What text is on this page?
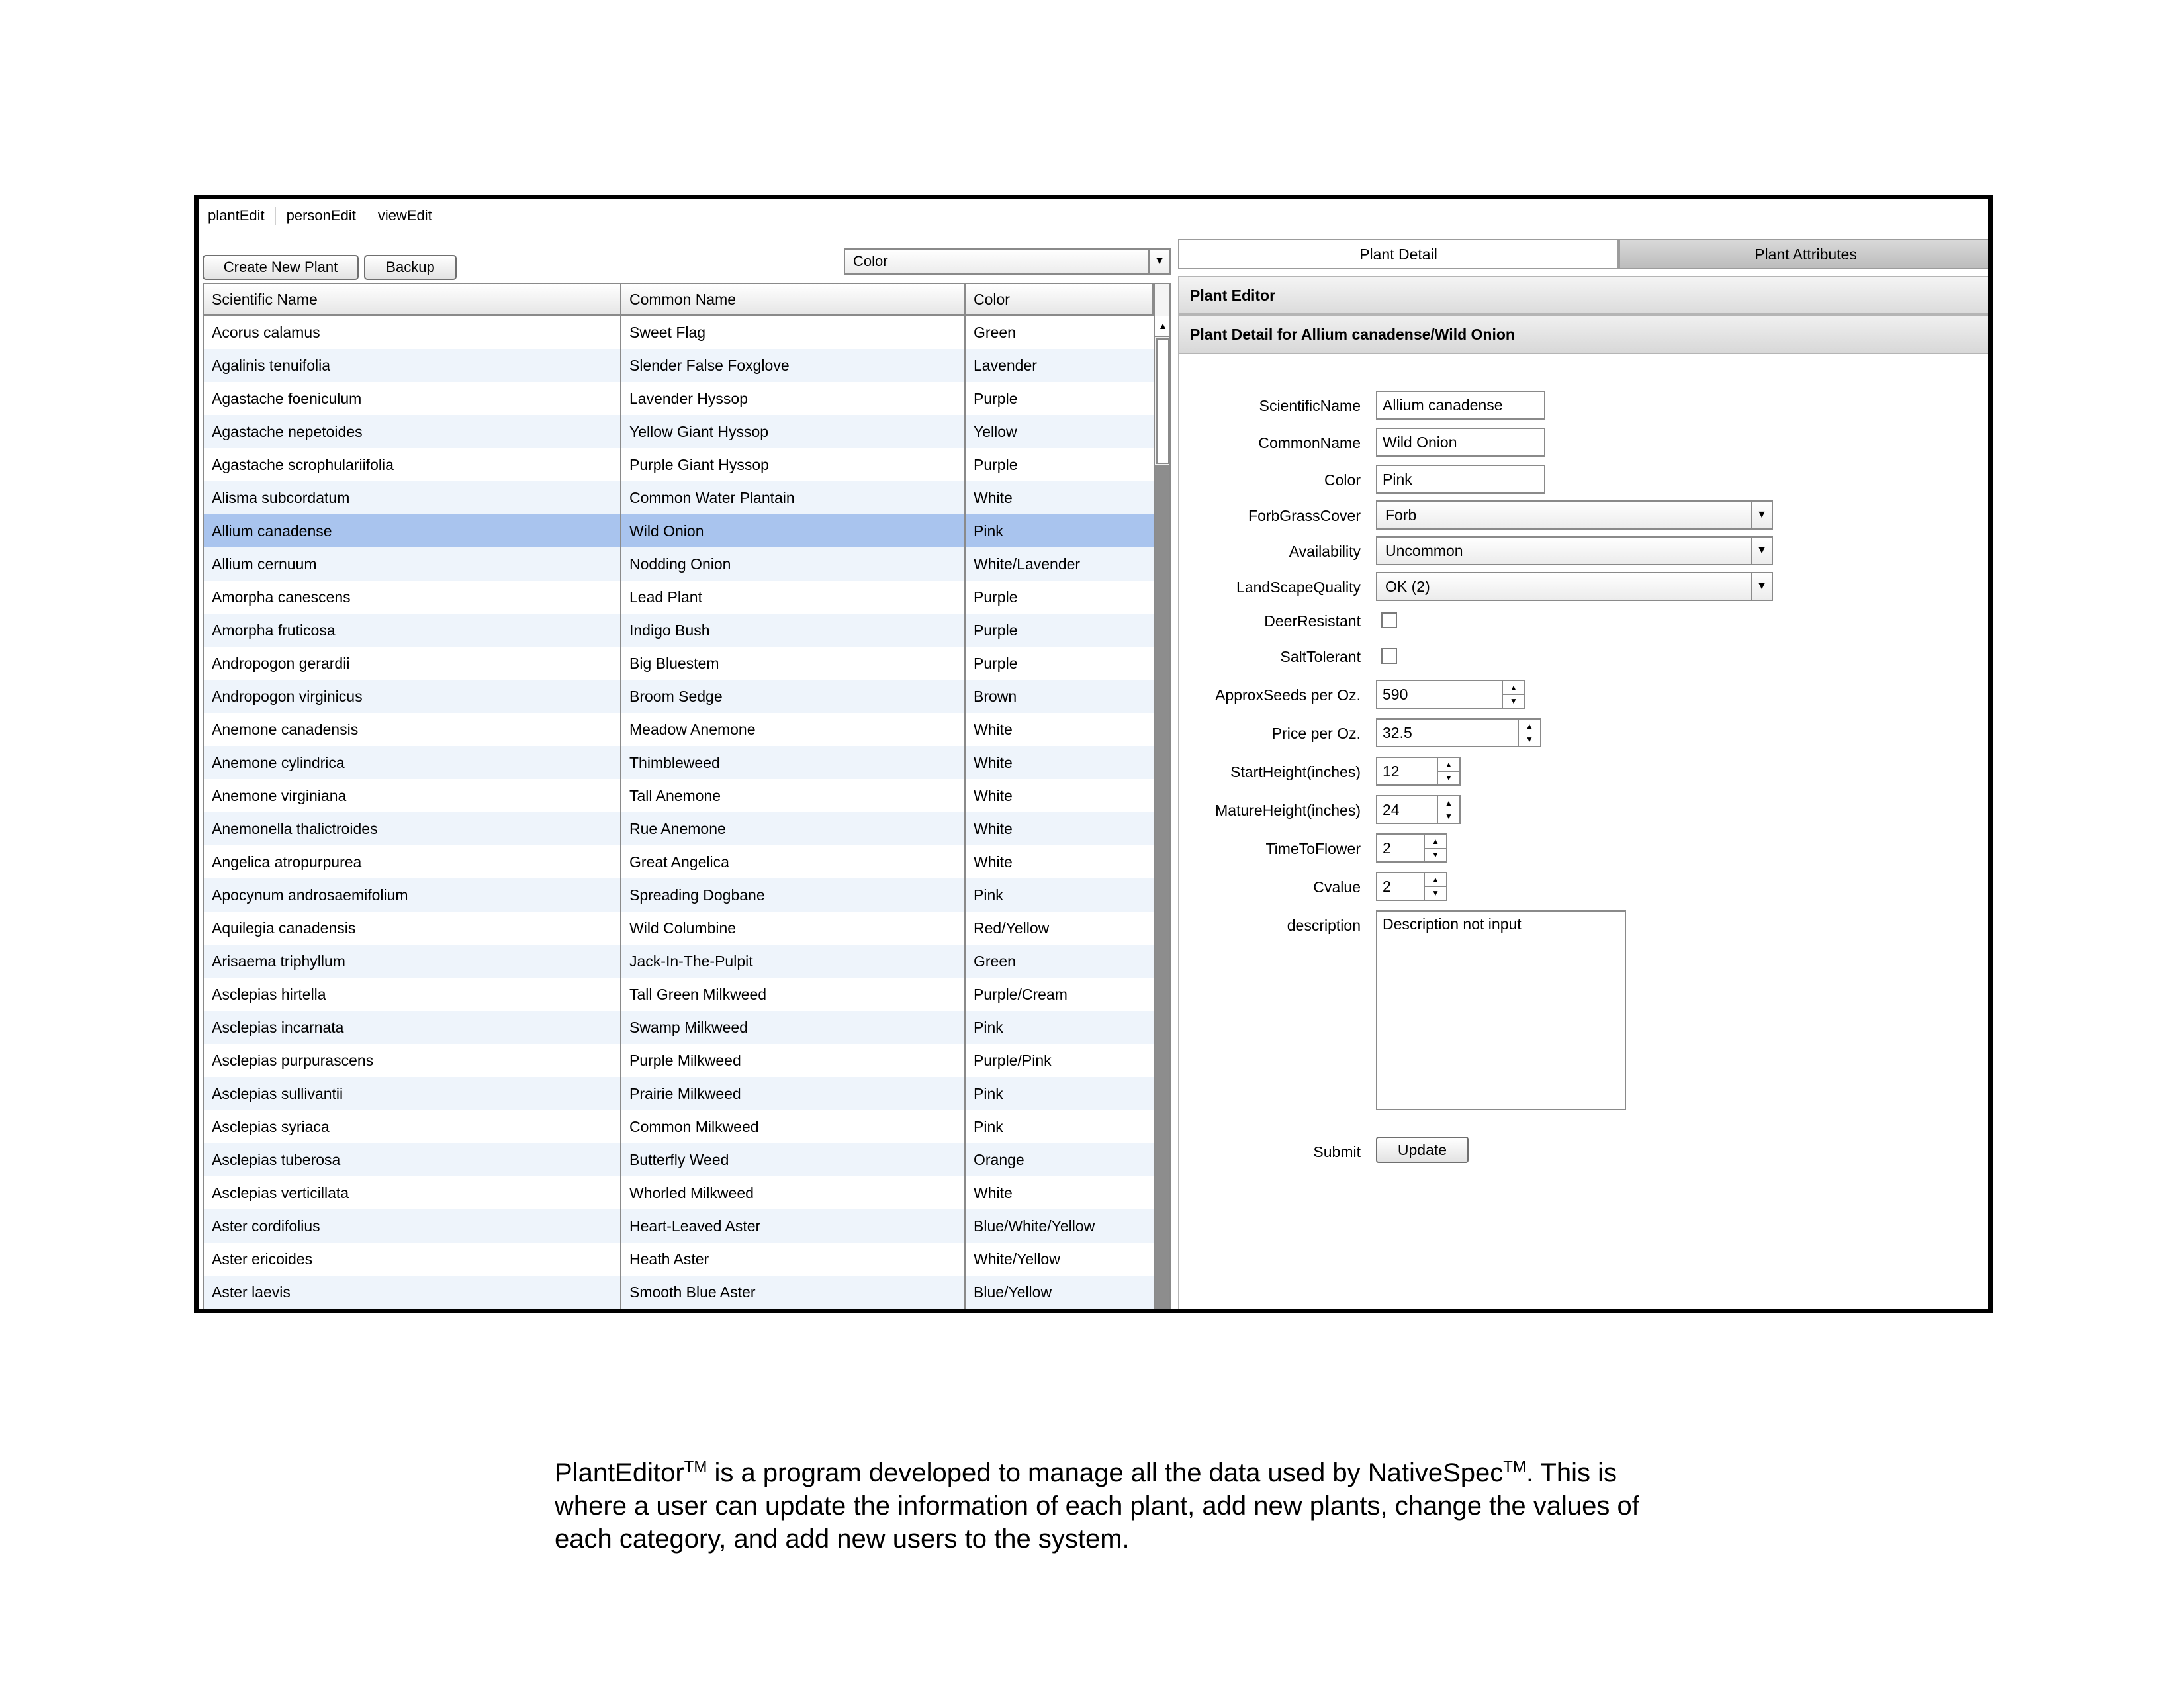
plantEdit	personEdit	viewEdit
Create New Plant	Backup	Color	▼
Scientific Name	Common Name	Color
Acorus calamus	Sweet Flag	Green
Agalinis tenuifolia	Slender False Foxglove	Lavender
Agastache foeniculum	Lavender Hyssop	Purple
Agastache nepetoides	Yellow Giant Hyssop	Yellow
Agastache scrophulariifolia	Purple Giant Hyssop	Purple
Alisma subcordatum	Common Water Plantain	White
Allium canadense	Wild Onion	Pink
Allium cernuum	Nodding Onion	White/Lavender
Amorpha canescens	Lead Plant	Purple
Amorpha fruticosa	Indigo Bush	Purple
Andropogon gerardii	Big Bluestem	Purple
Andropogon virginicus	Broom Sedge	Brown
Anemone canadensis	Meadow Anemone	White
Anemone cylindrica	Thimbleweed	White
Anemone virginiana	Tall Anemone	White
Anemonella thalictroides	Rue Anemone	White
Angelica atropurpurea	Great Angelica	White
Apocynum androsaemifolium	Spreading Dogbane	Pink
Aquilegia canadensis	Wild Columbine	Red/Yellow
Arisaema triphyllum	Jack-In-The-Pulpit	Green
Asclepias hirtella	Tall Green Milkweed	Purple/Cream
Asclepias incarnata	Swamp Milkweed	Pink
Asclepias purpurascens	Purple Milkweed	Purple/Pink
Asclepias sullivantii	Prairie Milkweed	Pink
Asclepias syriaca	Common Milkweed	Pink
Asclepias tuberosa	Butterfly Weed	Orange
Asclepias verticillata	Whorled Milkweed	White
Aster cordifolius	Heart-Leaved Aster	Blue/White/Yellow
Aster ericoides	Heath Aster	White/Yellow
Aster laevis	Smooth Blue Aster	Blue/Yellow
▲
Plant Detail	Plant Attributes
Plant Editor
Plant Detail for Allium canadense/Wild Onion
ScientificName	Allium canadense
CommonName	Wild Onion
Color	Pink
ForbGrassCover Forb	▼
Availability Uncommon	▼
LandScapeQuality OK (2)	▼
DeerResistant
SaltTolerant
ApproxSeeds per Oz. 590	▲
▼
Price per Oz. 32.5	▲
▼
StartHeight(inches) 12	▲
▼
MatureHeight(inches) 24	▲
▼
TimeToFlower 2	▲
▼
Cvalue 2	▲
▼
description	Description not input
Submit	Update
PlantEditor™ is a program developed to manage all the data used by NativeSpec™. This is where a user can update the information of each plant, add new plants, change the values of each category, and add new users to the system.
